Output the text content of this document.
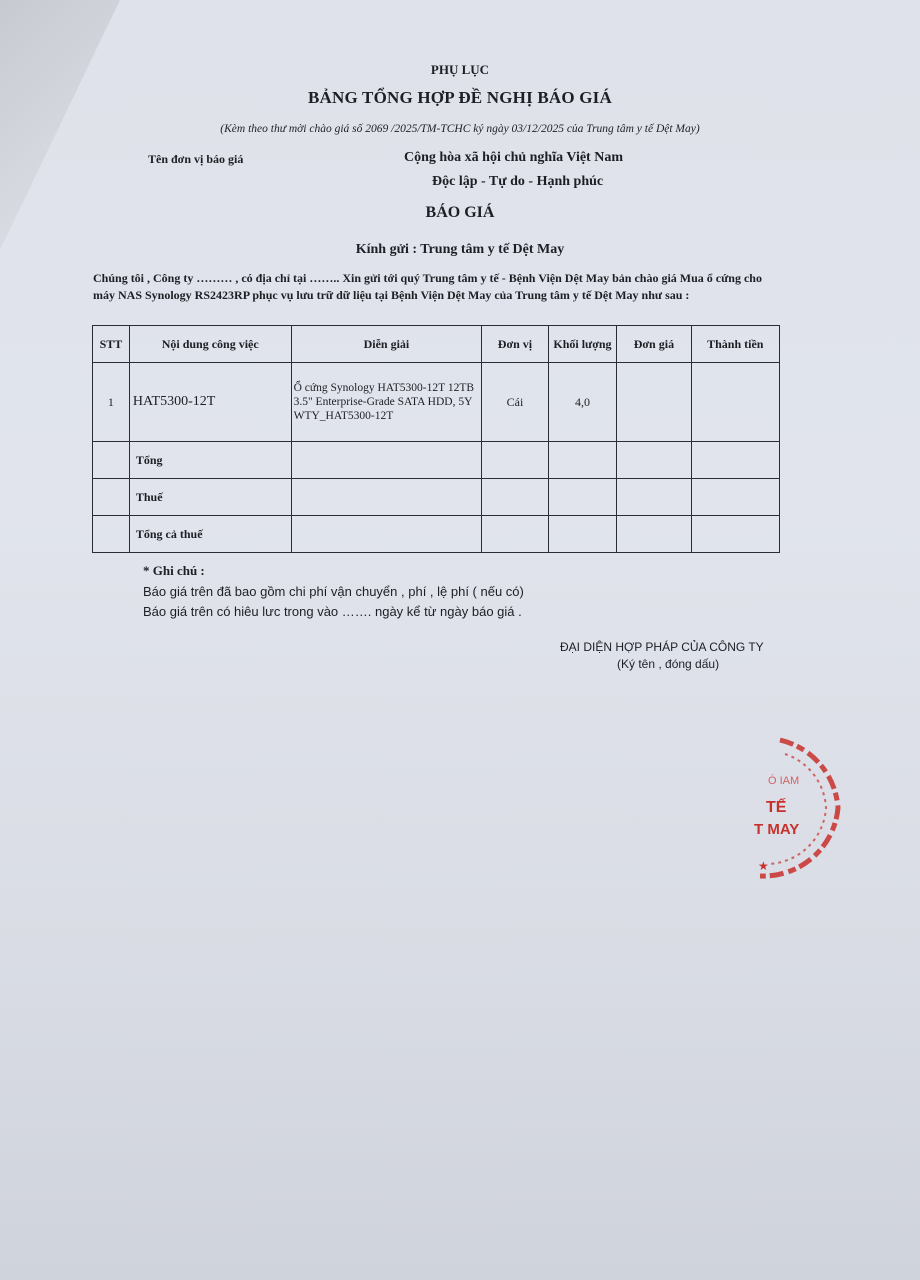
PHỤ LỤC
BẢNG TỔNG HỢP ĐỀ NGHỊ BÁO GIÁ
(Kèm theo thư mời chào giá số 2069 /2025/TM-TCHC ký ngày 03/12/2025 của Trung tâm y tế Dệt May)
Tên đơn vị báo giá	Cộng hòa xã hội chủ nghĩa Việt Nam
Độc lập - Tự do - Hạnh phúc
BÁO GIÁ
Kính gửi : Trung tâm y tế Dệt May
Chúng tôi , Công ty ……… , có địa chỉ tại …….. Xin gửi tới quý Trung tâm y tế - Bệnh Viện Dệt May bản chào giá Mua ổ cứng cho máy NAS Synology RS2423RP phục vụ lưu trữ dữ liệu tại Bệnh Viện Dệt May của Trung tâm y tế Dệt May như sau :
STT	Nội dung công việc	Diễn giải	Đơn vị	Khối lượng	Đơn giá	Thành tiền
1	HAT5300-12T	Ổ cứng Synology HAT5300-12T 12TB 3.5" Enterprise-Grade SATA HDD, 5Y WTY_HAT5300-12T	Cái	4,0		
	Tổng					
	Thuế					
	Tổng cả thuế					
* Ghi chú :
Báo giá trên đã bao gồm chi phí vận chuyển , phí , lệ phí ( nếu có)
Báo giá trên có hiêu lưc trong vào ……. ngày kể từ ngày báo giá .
ĐẠI DIỆN HỢP PHÁP CỦA CÔNG TY
(Ký tên , đóng dấu)
Ó IAM
TẾ
T MAY
★
